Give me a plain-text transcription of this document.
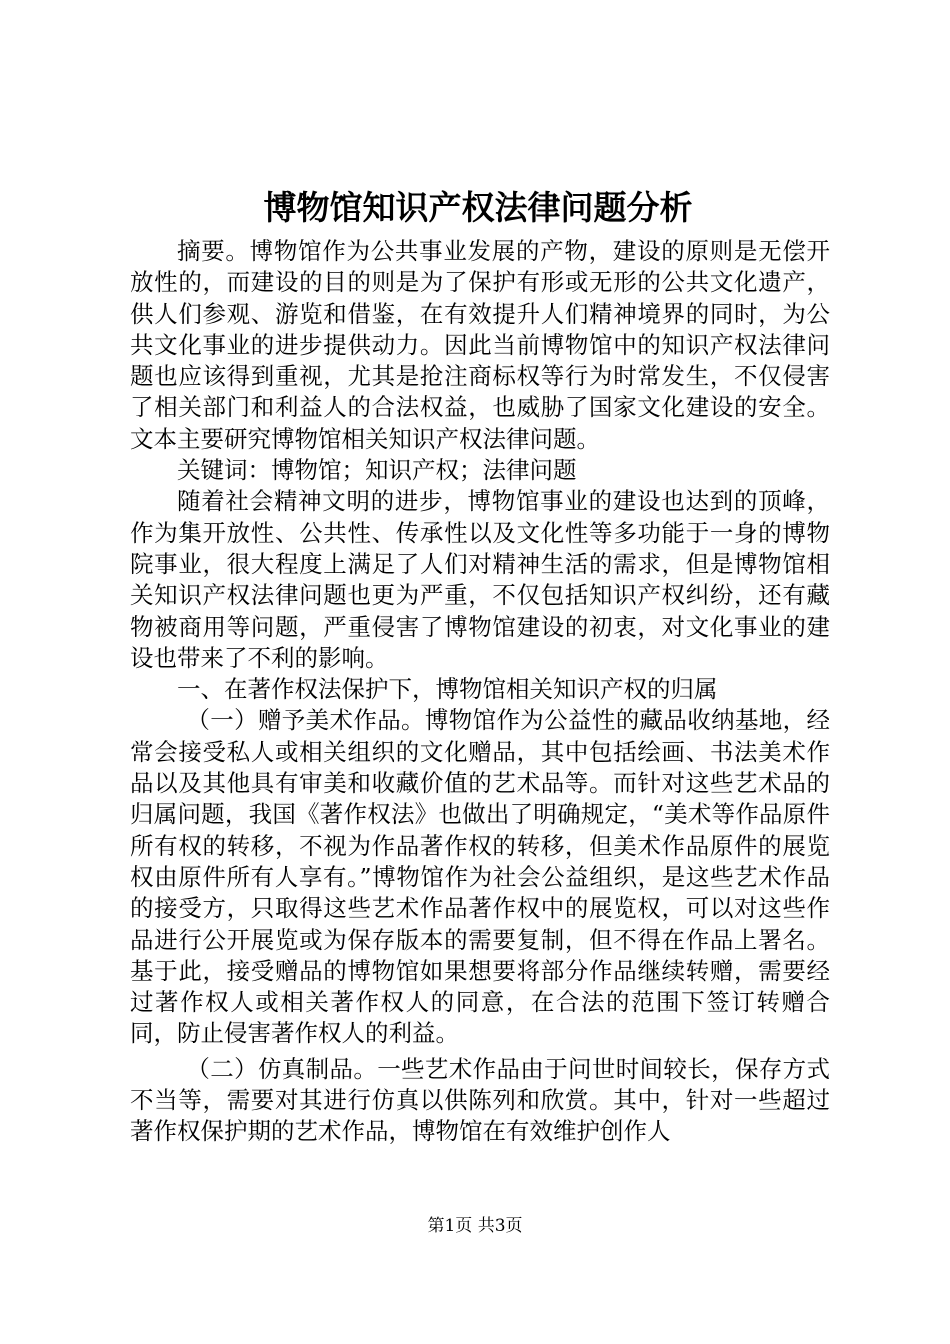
博物馆知识产权法律问题分析

摘要。博物馆作为公共事业发展的产物，建设的原则是无偿开放性的，而建设的目的则是为了保护有形或无形的公共文化遗产，供人们参观、游览和借鉴，在有效提升人们精神境界的同时，为公共文化事业的进步提供动力。因此当前博物馆中的知识产权法律问题也应该得到重视，尤其是抢注商标权等行为时常发生，不仅侵害了相关部门和利益人的合法权益，也威胁了国家文化建设的安全。文本主要研究博物馆相关知识产权法律问题。

关键词：博物馆；知识产权；法律问题

随着社会精神文明的进步，博物馆事业的建设也达到的顶峰，作为集开放性、公共性、传承性以及文化性等多功能于一身的博物院事业，很大程度上满足了人们对精神生活的需求，但是博物馆相关知识产权法律问题也更为严重，不仅包括知识产权纠纷，还有藏物被商用等问题，严重侵害了博物馆建设的初衷，对文化事业的建设也带来了不利的影响。

一、在著作权法保护下，博物馆相关知识产权的归属

（一）赠予美术作品。博物馆作为公益性的藏品收纳基地，经常会接受私人或相关组织的文化赠品，其中包括绘画、书法美术作品以及其他具有审美和收藏价值的艺术品等。而针对这些艺术品的归属问题，我国《著作权法》也做出了明确规定，“美术等作品原件所有权的转移，不视为作品著作权的转移，但美术作品原件的展览权由原件所有人享有。”博物馆作为社会公益组织，是这些艺术作品的接受方，只取得这些艺术作品著作权中的展览权，可以对这些作品进行公开展览或为保存版本的需要复制，但不得在作品上署名。基于此，接受赠品的博物馆如果想要将部分作品继续转赠，需要经过著作权人或相关著作权人的同意，在合法的范围下签订转赠合同，防止侵害著作权人的利益。

（二）仿真制品。一些艺术作品由于问世时间较长，保存方式不当等，需要对其进行仿真以供陈列和欣赏。其中，针对一些超过著作权保护期的艺术作品，博物馆在有效维护创作人

第1页 共3页
